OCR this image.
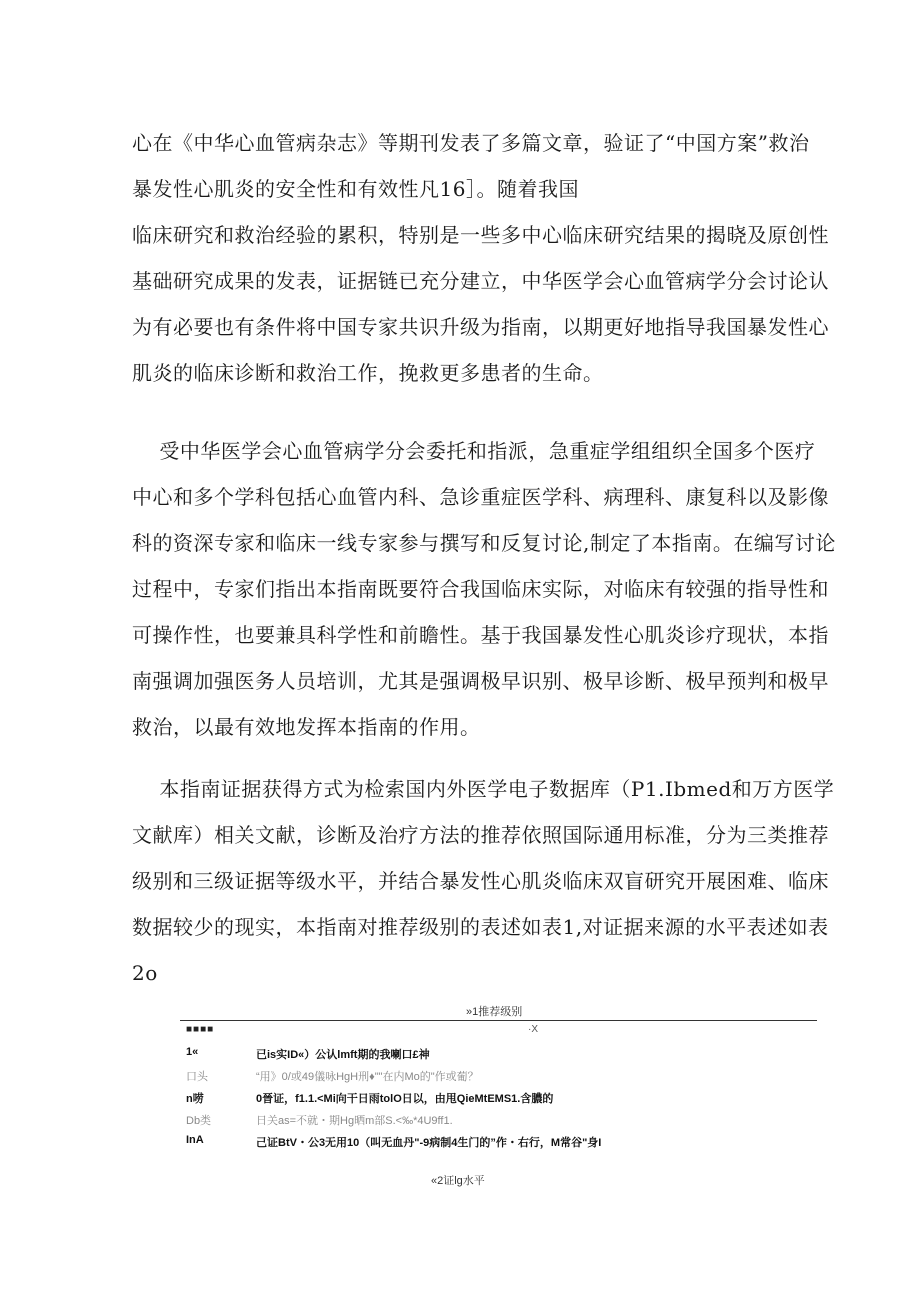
心在《中华心血管病杂志》等期刊发表了多篇文章，验证了“中国方案”救治
暴发性心肌炎的安全性和有效性凡16］。随着我国
临床研究和救治经验的累积，特别是一些多中心临床研究结果的揭晓及原创性
基础研究成果的发表，证据链已充分建立，中华医学会心血管病学分会讨论认
为有必要也有条件将中国专家共识升级为指南，以期更好地指导我国暴发性心
肌炎的临床诊断和救治工作，挽救更多患者的生命。

受中华医学会心血管病学分会委托和指派，急重症学组组织全国多个医疗
中心和多个学科包括心血管内科、急诊重症医学科、病理科、康复科以及影像
科的资深专家和临床一线专家参与撰写和反复讨论,制定了本指南。在编写讨论
过程中，专家们指出本指南既要符合我国临床实际，对临床有较强的指导性和
可操作性，也要兼具科学性和前瞻性。基于我国暴发性心肌炎诊疗现状，本指
南强调加强医务人员培训，尤其是强调极早识别、极早诊断、极早预判和极早
救治，以最有效地发挥本指南的作用。

本指南证据获得方式为检索国内外医学电子数据库（P1.Ibmed和万方医学
文献库）相关文献，诊断及治疗方法的推荐依照国际通用标准，分为三类推荐
级别和三级证据等级水平，并结合暴发性心肌炎临床双盲研究开展困难、临床
数据较少的现实，本指南对推荐级别的表述如表1,对证据来源的水平表述如表
2o

»1推荐级别
■■■■	·X
1«	已is实ID«）公认lmft期的我喇口£神
口头	“用》0/或49儀咏HgH刑♦""在内Mo的"作或葡？
n唠	0晉证，f1.1.<Mi向干日雨tolO日以，由甩QieMtEMS1.含膿的
Db类	日关as=不就・期Hg晒m部S.<‰*4U9ff1.
InA	己证BtV・公3无用10（叫无血丹"-9病制4生门的”作・右行，M常谷"身I
«2证lg水平
